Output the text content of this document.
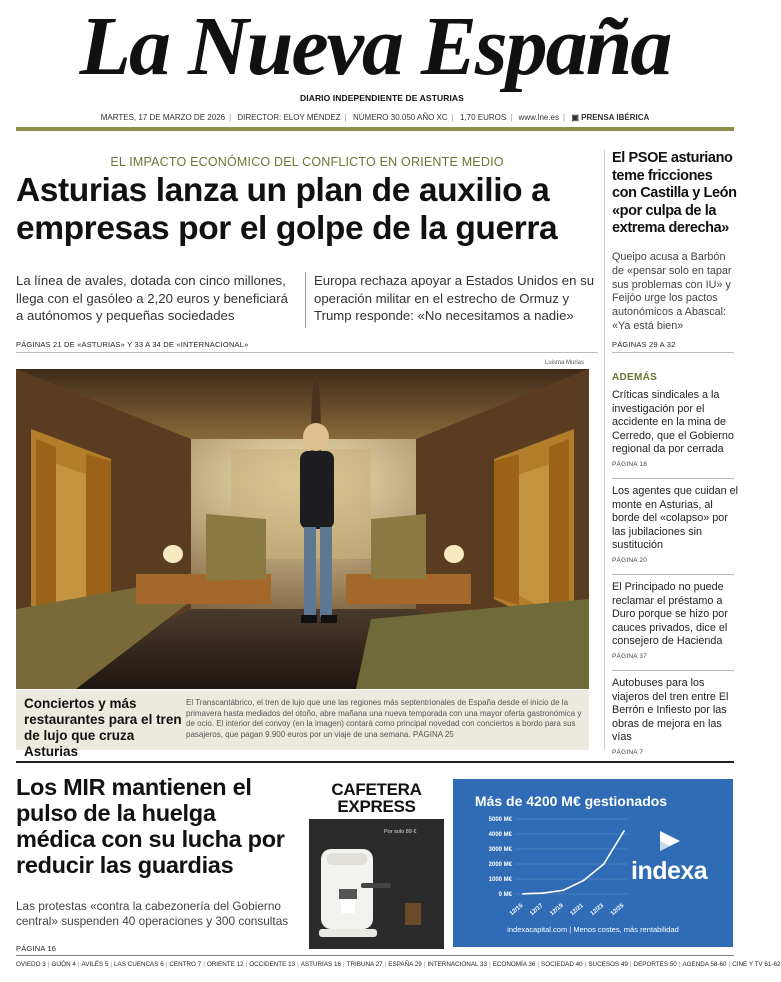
La Nueva España
DIARIO INDEPENDIENTE DE ASTURIAS
MARTES, 17 DE MARZO DE 2026 | DIRECTOR: ELOY MÉNDEZ | NÚMERO 30.050 AÑO XC | 1,70 EUROS | www.lne.es | ▣ PRENSA IBÉRICA
EL IMPACTO ECONÓMICO DEL CONFLICTO EN ORIENTE MEDIO
Asturias lanza un plan de auxilio a empresas por el golpe de la guerra

La línea de avales, dotada con cinco millones, llega con el gasóleo a 2,20 euros y beneficiará a autónomos y pequeñas sociedades

Europa rechaza apoyar a Estados Unidos en su operación militar en el estrecho de Ormuz y Trump responde: «No necesitamos a nadie»

PÁGINAS 21 DE «ASTURIAS» Y 33 A 34 DE «INTERNACIONAL»
Luisma Murias
Conciertos y más restaurantes para el tren de lujo que cruza Asturias
El Transcantábrico, el tren de lujo que une las regiones más septentrionales de España desde el inicio de la primavera hasta mediados del otoño, abre mañana una nueva temporada con una mayor oferta gastronómica y de ocio. El interior del convoy (en la imagen) contará como principal novedad con conciertos a bordo para sus pasajeros, que pagan 9.900 euros por un viaje de una semana. PÁGINA 25
El PSOE asturiano teme fricciones con Castilla y León «por culpa de la extrema derecha»
Queipo acusa a Barbón de «pensar solo en tapar sus problemas con IU» y Feijóo urge los pactos autonómicos a Abascal: «Ya está bien»
PÁGINAS 29 A 32
ADEMÁS
Críticas sindicales a la investigación por el accidente en la mina de Cerredo, que el Gobierno regional da por cerrada
PÁGINA 18
Los agentes que cuidan el monte en Asturias, al borde del «colapso» por las jubilaciones sin sustitución
PÁGINA 20
El Principado no puede reclamar el préstamo a Duro porque se hizo por cauces privados, dice el consejero de Hacienda
PÁGINA 37
Autobuses para los viajeros del tren entre El Berrón e Infiesto por las obras de mejora en las vías
PÁGINA 7
Los MIR mantienen el pulso de la huelga médica con su lucha por reducir las guardias

Las protestas «contra la cabezonería del Gobierno central» suspenden 40 operaciones y 300 consultas

PÁGINA 16
CAFETERA
EXPRESS
Por solo 89 €
Más de 4200 M€ gestionados
5000 M€
4000 M€
3000 M€
2000 M€
1000 M€
0 M€
12/15 12/17 12/19 12/21 12/23 12/25
indexa
indexacapital.com | Menos costes, más rentabilidad
OVIEDO 3 | GIJÓN 4 | AVILÉS 5 | LAS CUENCAS 6 | CENTRO 7 | ORIENTE 12 | OCCIDENTE 13 | ASTURIAS 16 | TRIBUNA 27 | ESPAÑA 29 | INTERNACIONAL 33 | ECONOMÍA 36 | SOCIEDAD 40 | SUCESOS 49 | DEPORTES 50 | AGENDA 58-60 | CINE Y TV 61-62
